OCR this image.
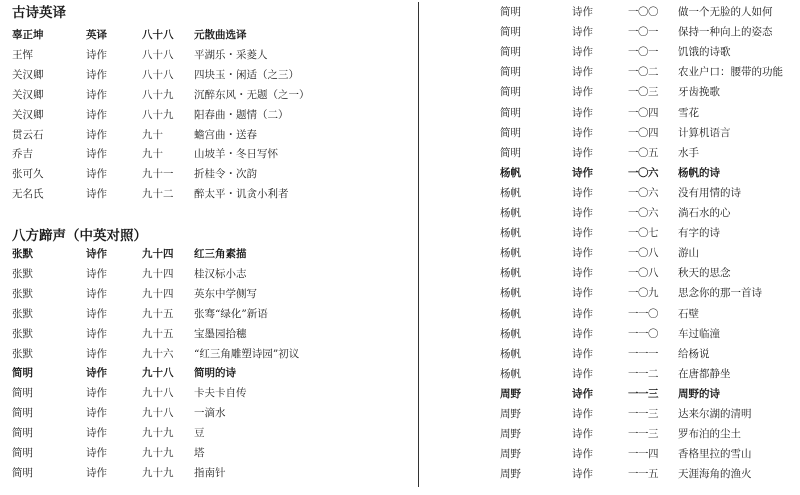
古诗英译
辜正坤	英译	八十八 元散曲选译
王恽	诗作	八十八 平湖乐・采菱人
关汉卿	诗作	八十八 四块玉・闲适（之三）
关汉卿	诗作	八十九 沉醉东风・无题（之一）
关汉卿	诗作	八十九 阳春曲・题情（二）
贯云石	诗作	九十	蟾宫曲・送春
乔吉	诗作	九十	山坡羊・冬日写怀
张可久	诗作	九十一 折桂令・次韵
无名氏	诗作	九十二 醉太平・讥贪小利者
八方蹄声（中英对照）
张默	诗作	九十四 红三角素描
张默	诗作	九十四 桂汉标小志
张默	诗作	九十四 英东中学侧写
张默	诗作	九十五 张骞“绿化”新语
张默	诗作	九十五 宝墨园拾穗
张默	诗作	九十六 “红三角雕塑诗园”初议
简明	诗作	九十八 简明的诗
简明	诗作	九十八 卡夫卡自传
简明	诗作	九十八 一滴水
简明	诗作	九十九 豆
简明	诗作	九十九 塔
简明	诗作	九十九 指南针
简明	诗作	一〇〇 做一个无脸的人如何
简明	诗作	一〇一 保持一种向上的姿态
简明	诗作	一〇一 饥饿的诗歌
简明	诗作	一〇二 农业户口：腰带的功能
简明	诗作	一〇三 牙齿挽歌
简明	诗作	一〇四 雪花
简明	诗作	一〇四 计算机语言
简明	诗作	一〇五 水手
杨帆	诗作	一〇六 杨帆的诗
杨帆	诗作	一〇六 没有用情的诗
杨帆	诗作	一〇六 淌石水的心
杨帆	诗作	一〇七 有字的诗
杨帆	诗作	一〇八 游山
杨帆	诗作	一〇八 秋天的思念
杨帆	诗作	一〇九 思念你的那一首诗
杨帆	诗作	一一〇 石壁
杨帆	诗作	一一〇 车过临潼
杨帆	诗作	一一一 给杨说
杨帆	诗作	一一二 在唐都静坐
周野	诗作	一一三 周野的诗
周野	诗作	一一三 达来尔湖的清明
周野	诗作	一一三 罗布泊的尘土
周野	诗作	一一四 香格里拉的雪山
周野	诗作	一一五 天涯海角的渔火
